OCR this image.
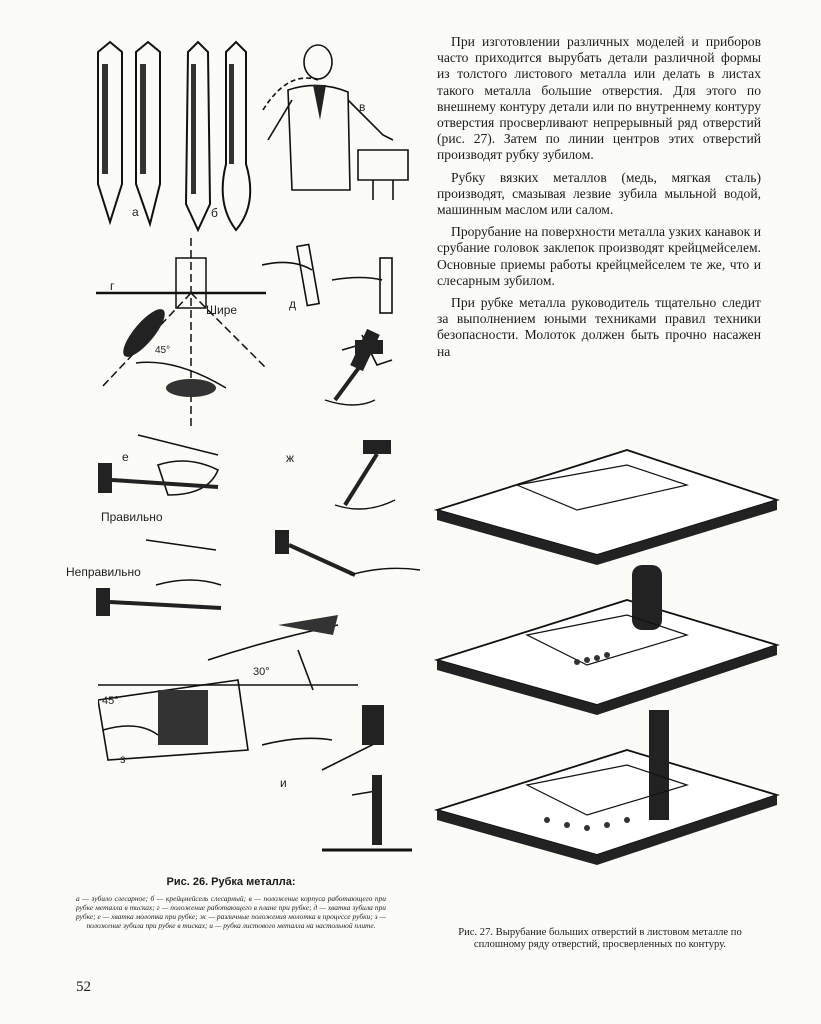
а	б
в
г
Шире
45°
д
е
Правильно
Неправильно
ж
30°
45°
з
и

При изготовлении различных моделей и приборов часто приходится вырубать детали различной формы из толстого листового металла или делать в листах такого металла большие отверстия. Для этого по внешнему контуру детали или по внутреннему контуру отверстия просверливают непрерывный ряд отверстий (рис. 27). Затем по линии центров этих отверстий производят рубку зубилом.

Рубку вязких металлов (медь, мягкая сталь) производят, смазывая лезвие зубила мыльной водой, машинным маслом или салом.

Прорубание на поверхности металла узких канавок и срубание головок заклепок производят крейцмейселем. Основные приемы работы крейцмейселем те же, что и слесарным зубилом.

При рубке металла руководитель тщательно следит за выполнением юными техниками правил техники безопасности. Молоток должен быть прочно насажен на

Рис. 26. Рубка металла:
а — зубило слесарное; б — крейцмейсель слесарный; в — положение корпуса работающего при рубке металла в тисках; г — положение работающего в плане при рубке; д — хватка зубила при рубке; е — хватка молотка при рубке; ж — различные положения молотка в процессе рубки; з — положение зубила при рубке в тисках; и — рубка листового металла на настольной плите.
Рис. 27. Вырубание больших отверстий в листовом металле по сплошному ряду отверстий, просверленных по контуру.
52
